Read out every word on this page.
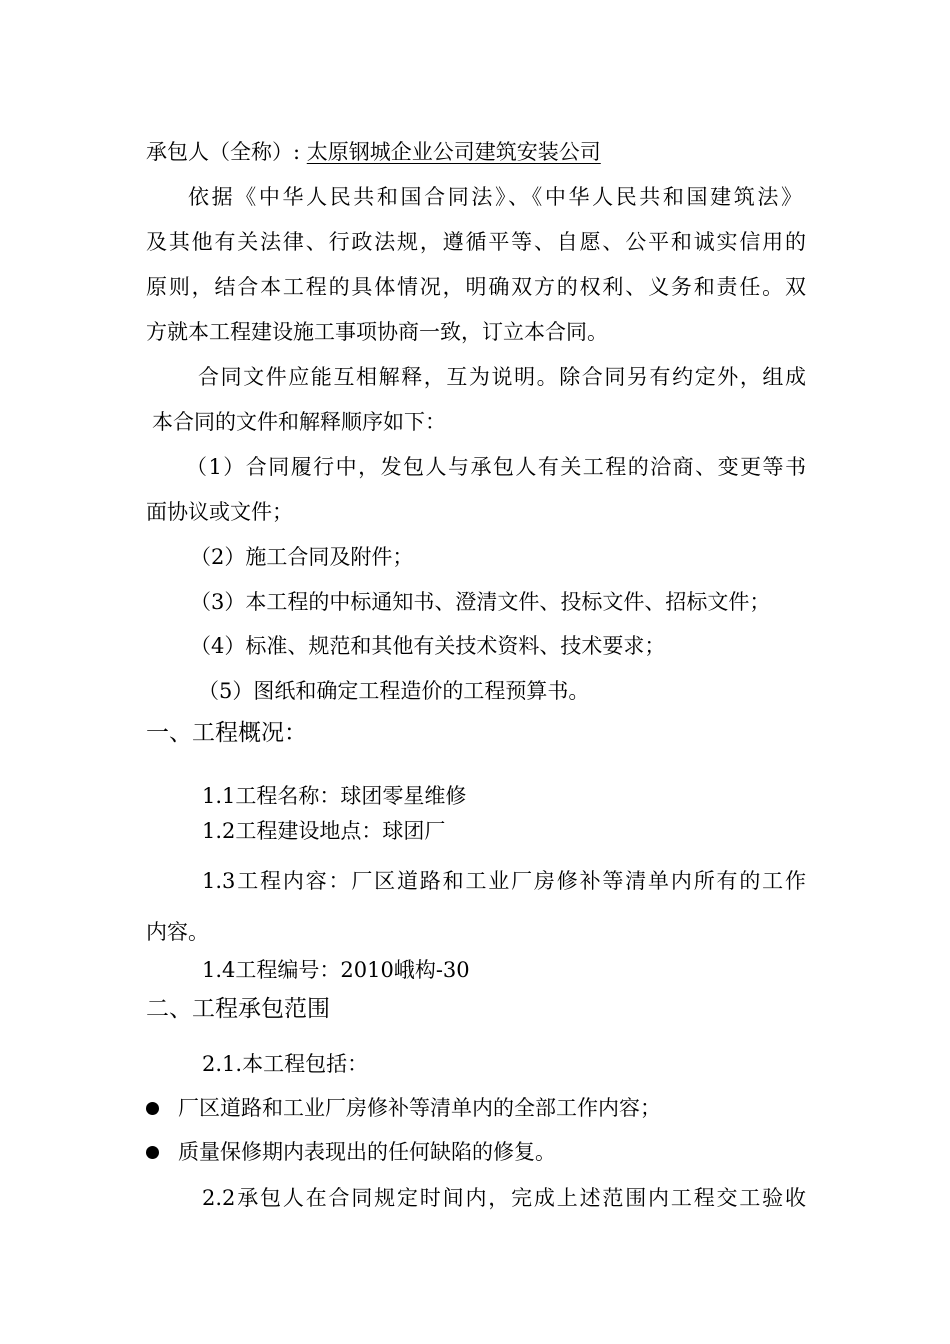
承包人（全称）: 太原钢城企业公司建筑安装公司

依据《中华人民共和国合同法》、《中华人民共和国建筑法》

及其他有关法律、行政法规，遵循平等、自愿、公平和诚实信用的

原则，结合本工程的具体情况，明确双方的权利、义务和责任。双

方就本工程建设施工事项协商一致，订立本合同。

合同文件应能互相解释，互为说明。除合同另有约定外，组成

本合同的文件和解释顺序如下：

（1）合同履行中，发包人与承包人有关工程的洽商、变更等书

面协议或文件；

（2）施工合同及附件；

（3）本工程的中标通知书、澄清文件、投标文件、招标文件；

（4）标准、规范和其他有关技术资料、技术要求；

（5）图纸和确定工程造价的工程预算书。

一、工程概况：

1.1工程名称：球团零星维修

1.2工程建设地点：球团厂

1.3工程内容：厂区道路和工业厂房修补等清单内所有的工作

内容。

1.4工程编号：2010峨构-30

二、工程承包范围

2.1.本工程包括：

厂区道路和工业厂房修补等清单内的全部工作内容；

质量保修期内表现出的任何缺陷的修复。

2.2承包人在合同规定时间内，完成上述范围内工程交工验收
